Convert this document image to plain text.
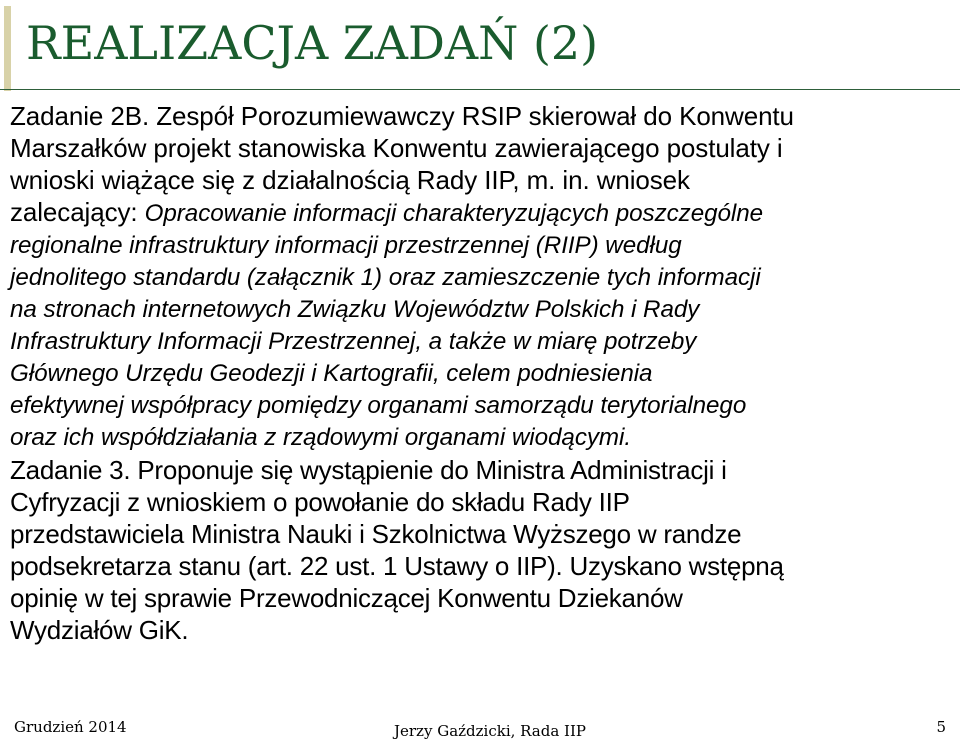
REALIZACJA ZADAŃ (2)

Zadanie 2B. Zespół Porozumiewawczy RSIP skierował do Konwentu
Marszałków projekt stanowiska Konwentu zawierającego postulaty i
wnioski wiążące się z działalnością Rady IIP, m. in. wniosek
zalecający: Opracowanie informacji charakteryzujących poszczególne
regionalne infrastruktury informacji przestrzennej (RIIP) według
jednolitego standardu (załącznik 1) oraz zamieszczenie tych informacji
na stronach internetowych Związku Województw Polskich i Rady
Infrastruktury Informacji Przestrzennej, a także w miarę potrzeby
Głównego Urzędu Geodezji i Kartografii, celem podniesienia
efektywnej współpracy pomiędzy organami samorządu terytorialnego
oraz ich współdziałania z rządowymi organami wiodącymi.

Zadanie 3. Proponuje się wystąpienie do Ministra Administracji i
Cyfryzacji z wnioskiem o powołanie do składu Rady IIP
przedstawiciela Ministra Nauki i Szkolnictwa Wyższego w randze
podsekretarza stanu (art. 22 ust. 1 Ustawy o IIP). Uzyskano wstępną
opinię w tej sprawie Przewodniczącej Konwentu Dziekanów
Wydziałów GiK.

Grudzień 2014	Jerzy Gaździcki, Rada IIP	5
